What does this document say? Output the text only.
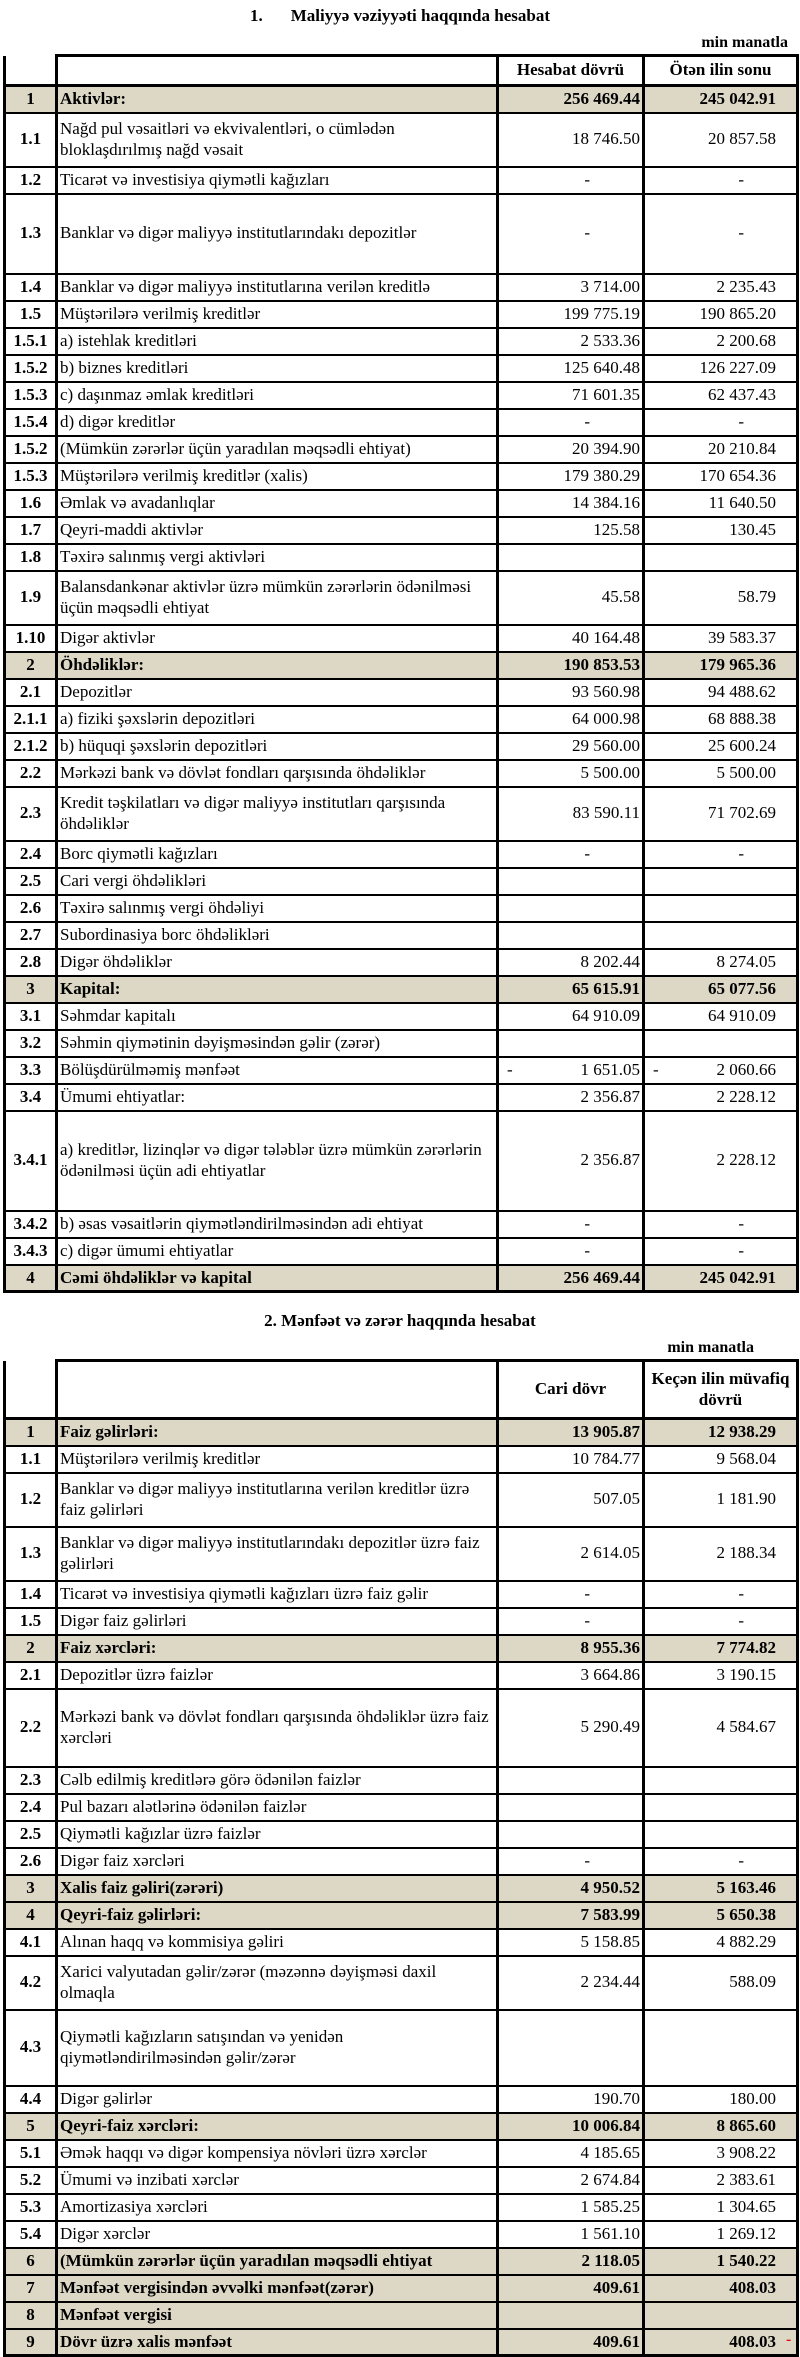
1. Maliyyə vəziyyəti haqqında hesabat
min manatla
		Hesabat dövrü	Ötən ilin sonu
1	Aktivlər:	256 469.44	245 042.91
1.1	Nağd pul vəsaitləri və ekvivalentləri, o cümlədən bloklaşdırılmış nağd vəsait	18 746.50	20 857.58
1.2	Ticarət və investisiya qiymətli kağızları	-	-
1.3	Banklar və digər maliyyə institutlarındakı depozitlər	-	-
1.4	Banklar və digər maliyyə institutlarına verilən kreditlə	3 714.00	2 235.43
1.5	Müştərilərə verilmiş kreditlər	199 775.19	190 865.20
1.5.1	a) istehlak kreditləri	2 533.36	2 200.68
1.5.2	b) biznes kreditləri	125 640.48	126 227.09
1.5.3	c) daşınmaz əmlak kreditləri	71 601.35	62 437.43
1.5.4	d) digər kreditlər	-	-
1.5.2	(Mümkün zərərlər üçün yaradılan məqsədli ehtiyat)	20 394.90	20 210.84
1.5.3	Müştərilərə verilmiş kreditlər (xalis)	179 380.29	170 654.36
1.6	Əmlak və avadanlıqlar	14 384.16	11 640.50
1.7	Qeyri-maddi aktivlər	125.58	130.45
1.8	Təxirə salınmış vergi aktivləri		
1.9	Balansdankənar aktivlər üzrə mümkün zərərlərin ödənilməsi üçün məqsədli ehtiyat	45.58	58.79
1.10	Digər aktivlər	40 164.48	39 583.37
2	Öhdəliklər:	190 853.53	179 965.36
2.1	Depozitlər	93 560.98	94 488.62
2.1.1	a) fiziki şəxslərin depozitləri	64 000.98	68 888.38
2.1.2	b) hüquqi şəxslərin depozitləri	29 560.00	25 600.24
2.2	Mərkəzi bank və dövlət fondları qarşısında öhdəliklər	5 500.00	5 500.00
2.3	Kredit təşkilatları və digər maliyyə institutları qarşısında öhdəliklər	83 590.11	71 702.69
2.4	Borc qiymətli kağızları	-	-
2.5	Cari vergi öhdəlikləri		
2.6	Təxirə salınmış vergi öhdəliyi		
2.7	Subordinasiya borc öhdəlikləri		
2.8	Digər öhdəliklər	8 202.44	8 274.05
3	Kapital:	65 615.91	65 077.56
3.1	Səhmdar kapitalı	64 910.09	64 910.09
3.2	Səhmin qiymətinin dəyişməsindən gəlir (zərər)		
3.3	Bölüşdürülməmiş mənfəət	- 1 651.05	- 2 060.66

3.4	Ümumi ehtiyatlar:	2 356.87	2 228.12
3.4.1	a) kreditlər, lizinqlər və digər tələblər üzrə mümkün zərərlərin ödənilməsi üçün adi ehtiyatlar	2 356.87	2 228.12
3.4.2	b) əsas vəsaitlərin qiymətləndirilməsindən adi ehtiyat	-	-
3.4.3	c) digər ümumi ehtiyatlar	-	-
4	Cəmi öhdəliklər və kapital	256 469.44	245 042.91
2. Mənfəət və zərər haqqında hesabat
min manatla
		Cari dövr	Keçən ilin müvafiq dövrü
1	Faiz gəlirləri:	13 905.87	12 938.29
1.1	Müştərilərə verilmiş kreditlər	10 784.77	9 568.04
1.2	Banklar və digər maliyyə institutlarına verilən kreditlər üzrə faiz gəlirləri	507.05	1 181.90
1.3	Banklar və digər maliyyə institutlarındakı depozitlər üzrə faiz gəlirləri	2 614.05	2 188.34
1.4	Ticarət və investisiya qiymətli kağızları üzrə faiz gəlir	-	-
1.5	Digər faiz gəlirləri	-	-
2	Faiz xərcləri:	8 955.36	7 774.82
2.1	Depozitlər üzrə faizlər	3 664.86	3 190.15
2.2	Mərkəzi bank və dövlət fondları qarşısında öhdəliklər üzrə faiz xərcləri	5 290.49	4 584.67
2.3	Cəlb edilmiş kreditlərə görə ödənilən faizlər		
2.4	Pul bazarı alətlərinə ödənilən faizlər		
2.5	Qiymətli kağızlar üzrə faizlər		
2.6	Digər faiz xərcləri	-	-
3	Xalis faiz gəliri(zərəri)	4 950.52	5 163.46
4	Qeyri-faiz gəlirləri:	7 583.99	5 650.38
4.1	Alınan haqq və kommisiya gəliri	5 158.85	4 882.29
4.2	Xarici valyutadan gəlir/zərər (məzənnə dəyişməsi daxil olmaqla	2 234.44	588.09
4.3	Qiymətli kağızların satışından və yenidən qiymətləndirilməsindən gəlir/zərər		
4.4	Digər gəlirlər	190.70	180.00
5	Qeyri-faiz xərcləri:	10 006.84	8 865.60
5.1	Əmək haqqı və digər kompensiya növləri üzrə xərclər	4 185.65	3 908.22
5.2	Ümumi və inzibati xərclər	2 674.84	2 383.61
5.3	Amortizasiya xərcləri	1 585.25	1 304.65
5.4	Digər xərclər	1 561.10	1 269.12
6	(Mümkün zərərlər üçün yaradılan məqsədli ehtiyat	2 118.05	1 540.22
7	Mənfəət vergisindən əvvəlki mənfəət(zərər)	409.61	408.03
8	Mənfəət vergisi		
9	Dövr üzrə xalis mənfəət	409.61	408.03 -
